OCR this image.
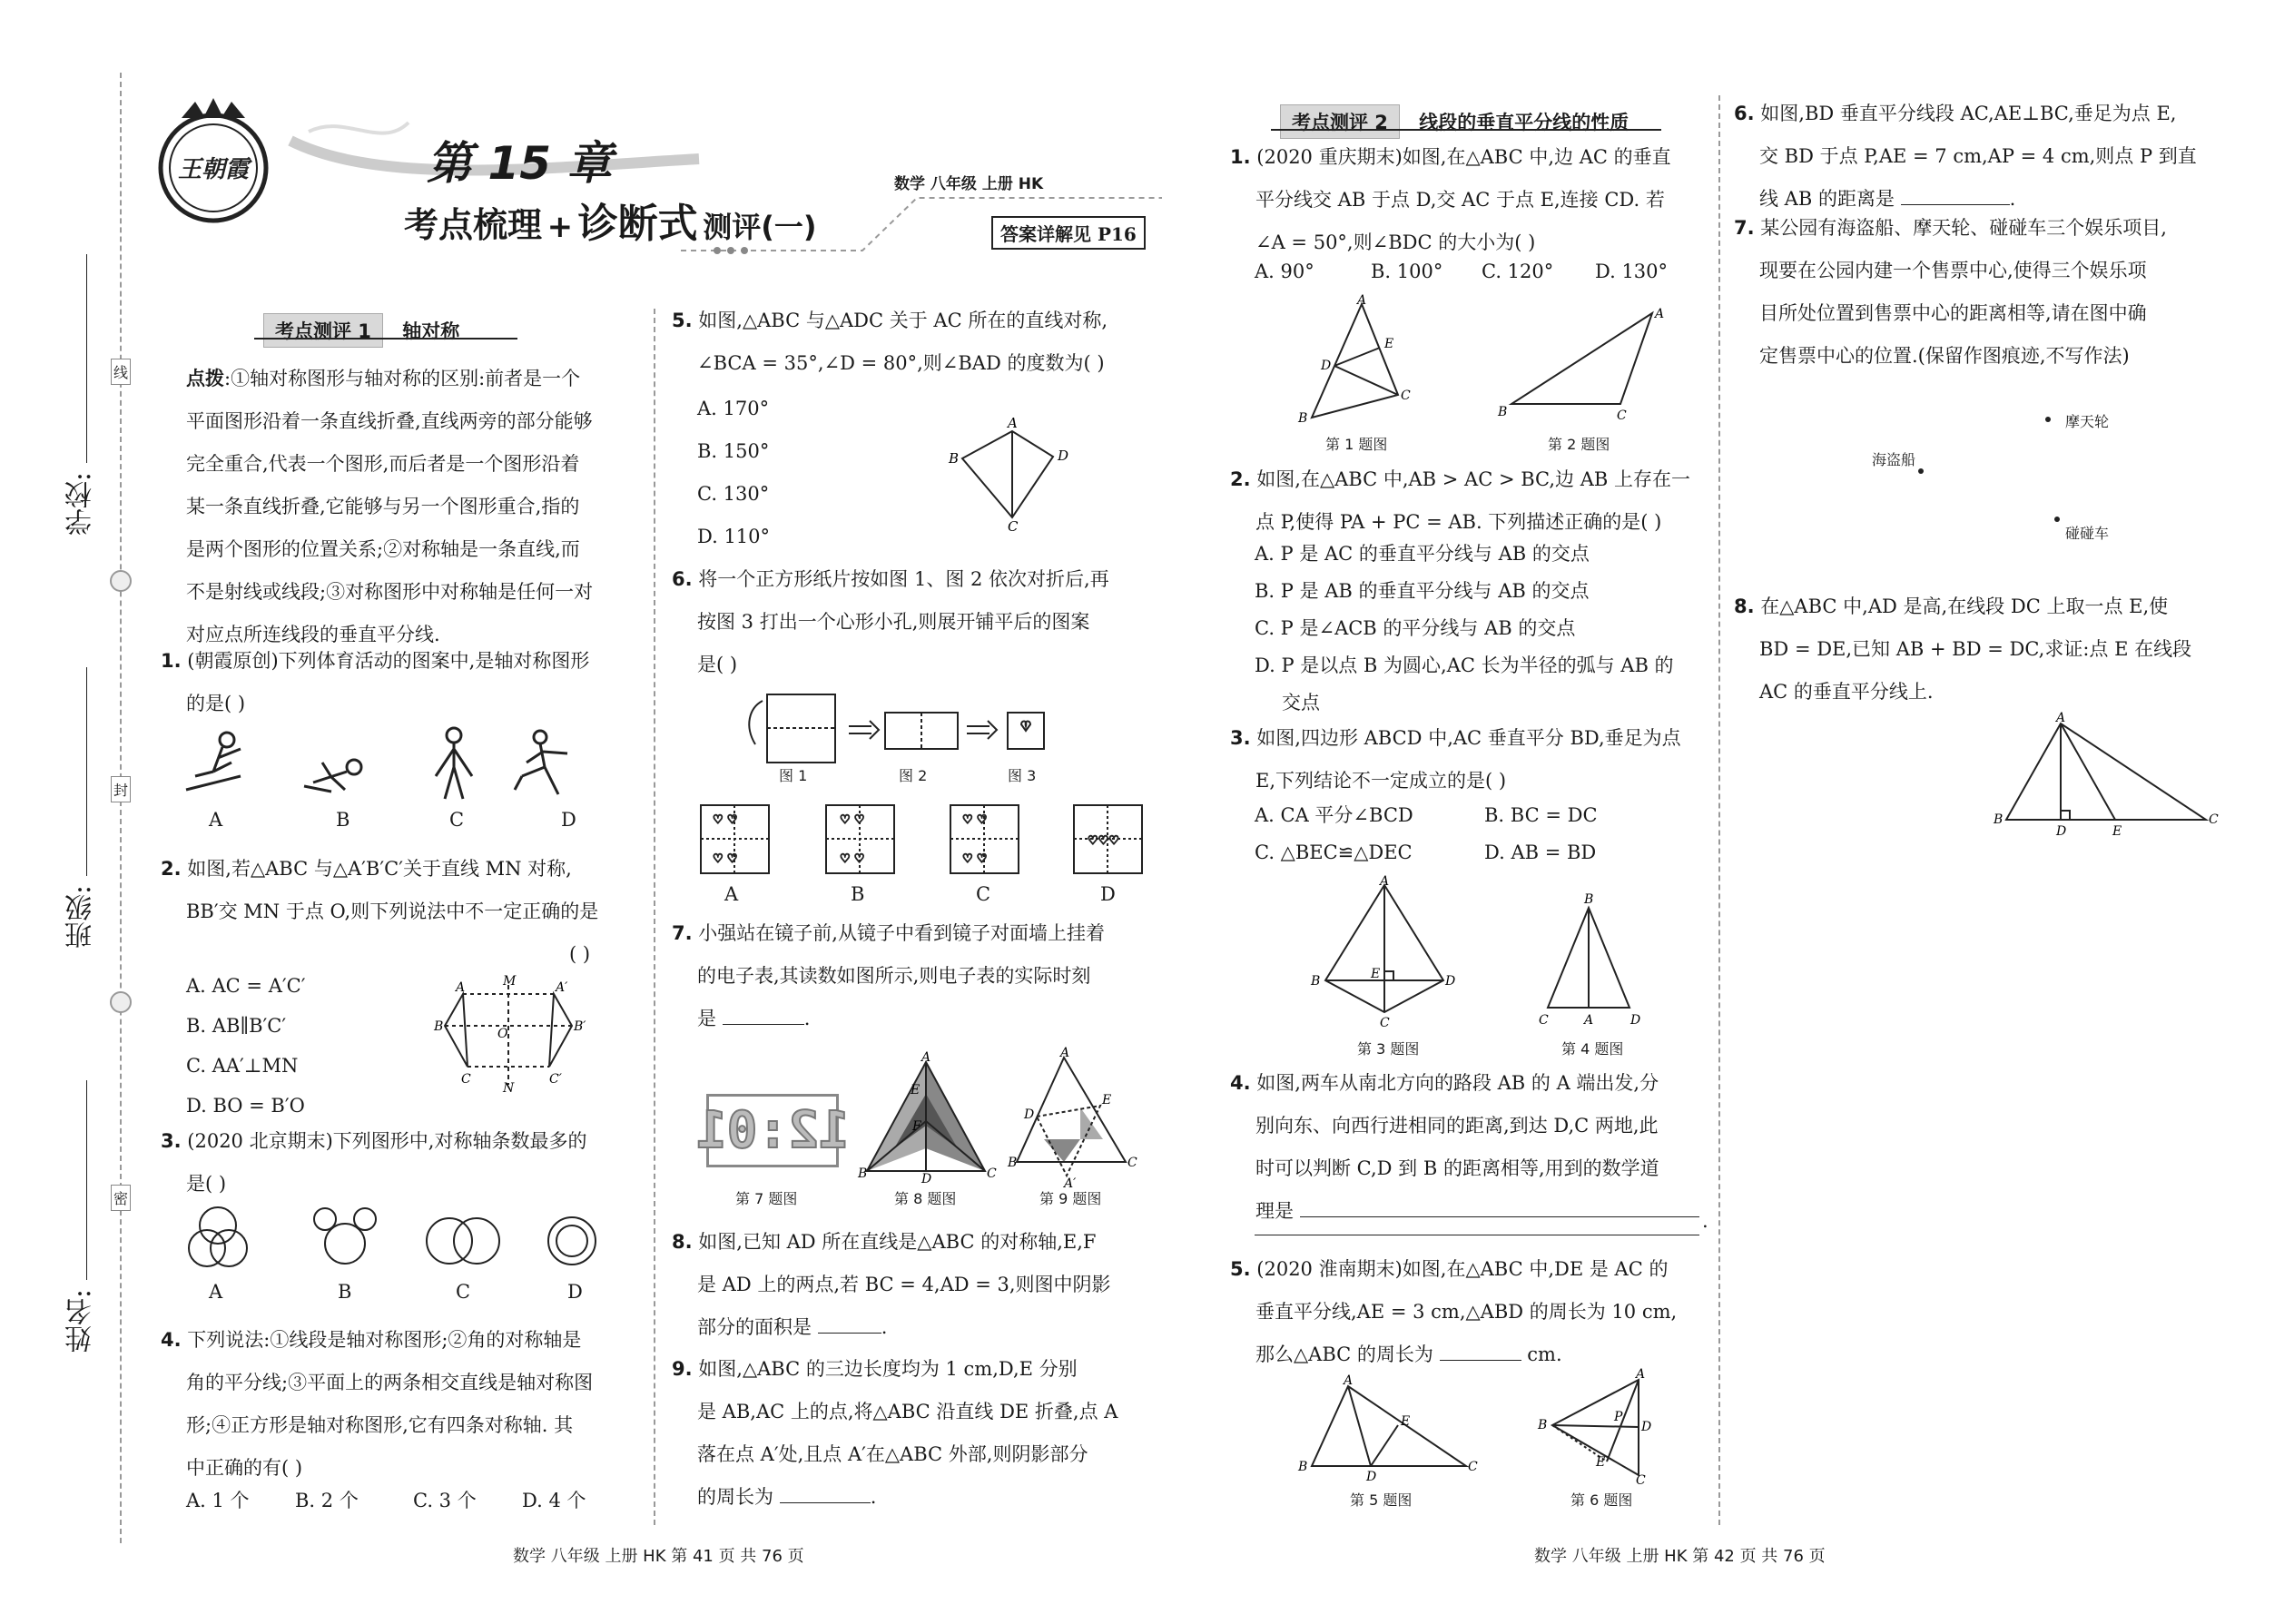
学校:
班级:
姓名:
线
封
密
王朝霞	第 15 章
考点梳理 + 诊断式 测评(一)
数学 八年级 上册 HK
答案详解见 P16
考点测评 1 轴对称
点拨:①轴对称图形与轴对称的区别:前者是一个
平面图形沿着一条直线折叠,直线两旁的部分能够
完全重合,代表一个图形,而后者是一个图形沿着
某一条直线折叠,它能够与另一个图形重合,指的
是两个图形的位置关系;②对称轴是一条直线,而
不是射线或线段;③对称图形中对称轴是任何一对
对应点所连线段的垂直平分线.
1. (朝霞原创)下列体育活动的图案中,是轴对称图形
的是( )
A	B	C	D
2. 如图,若△ABC 与△A′B′C′关于直线 MN 对称,
BB′交 MN 于点 O,则下列说法中不一定正确的是
( )
A. AC = A′C′
B. AB∥B′C′
C. AA′⊥MN
D. BO = B′O
A
B
C
M
N
O
A′
B′
C′
3. (2020 北京期末)下列图形中,对称轴条数最多的
是( )
A	B	C	D
4. 下列说法:①线段是轴对称图形;②角的对称轴是
角的平分线;③平面上的两条相交直线是轴对称图
形;④正方形是轴对称图形,它有四条对称轴. 其
中正确的有( )
A. 1 个 B. 2 个	C. 3 个 D. 4 个
5. 如图,△ABC 与△ADC 关于 AC 所在的直线对称,
∠BCA = 35°,∠D = 80°,则∠BAD 的度数为( )
A. 170°
B. 150°
C. 130°
D. 110°
A
B	D
C
6. 将一个正方形纸片按如图 1、图 2 依次对折后,再
按图 3 打出一个心形小孔,则展开铺平后的图案
是( )
图 1	图 2	图 3
♡ ♡
♡ ♡
♡ ♡
♡ ♡
♡ ♡
♡ ♡
♡♡♡
A	B	C	D
7. 小强站在镜子前,从镜子中看到镜子对面墙上挂着
的电子表,其读数如图所示,则电子表的实际时刻
是	.
12:01
A
B	D	C
E
F
A
B	C
D
E
A′
第 7 题图	第 8 题图	第 9 题图
8. 如图,已知 AD 所在直线是△ABC 的对称轴,E,F
是 AD 上的两点,若 BC = 4,AD = 3,则图中阴影
部分的面积是	.
9. 如图,△ABC 的三边长度均为 1 cm,D,E 分别
是 AB,AC 上的点,将△ABC 沿直线 DE 折叠,点 A
落在点 A′处,且点 A′在△ABC 外部,则阴影部分
的周长为	.
数学 八年级 上册 HK 第 41 页 共 76 页
考点测评 2 线段的垂直平分线的性质
1. (2020 重庆期末)如图,在△ABC 中,边 AC 的垂直
平分线交 AB 于点 D,交 AC 于点 E,连接 CD. 若
∠A = 50°,则∠BDC 的大小为( )
A. 90°	B. 100° C. 120° D. 130°
A
B
C
D
E
A
B	C
第 1 题图	第 2 题图
2. 如图,在△ABC 中,AB > AC > BC,边 AB 上存在一
点 P,使得 PA + PC = AB. 下列描述正确的是( )
A. P 是 AC 的垂直平分线与 AB 的交点
B. P 是 AB 的垂直平分线与 AB 的交点
C. P 是∠ACB 的平分线与 AB 的交点
D. P 是以点 B 为圆心,AC 长为半径的弧与 AB 的
交点
3. 如图,四边形 ABCD 中,AC 垂直平分 BD,垂足为点
E,下列结论不一定成立的是( )
A. CA 平分∠BCD	B. BC = DC
C. △BEC≌△DEC	D. AB = BD
A
B	D
C
E
B
C	A	D
第 3 题图	第 4 题图
4. 如图,两车从南北方向的路段 AB 的 A 端出发,分
别向东、向西行进相同的距离,到达 D,C 两地,此
时可以判断 C,D 到 B 的距离相等,用到的数学道
理是	.
5. (2020 淮南期末)如图,在△ABC 中,DE 是 AC 的
垂直平分线,AE = 3 cm,△ABD 的周长为 10 cm,
那么△ABC 的周长为	cm.
A
B	C
D
E
A
B
C
D
P
E
第 5 题图	第 6 题图
6. 如图,BD 垂直平分线段 AC,AE⊥BC,垂足为点 E,
交 BD 于点 P,AE = 7 cm,AP = 4 cm,则点 P 到直
线 AB 的距离是	.
7. 某公园有海盗船、摩天轮、碰碰车三个娱乐项目,
现要在公园内建一个售票中心,使得三个娱乐项
目所处位置到售票中心的距离相等,请在图中确
定售票中心的位置.(保留作图痕迹,不写作法)
摩天轮
海盗船
碰碰车
8. 在△ABC 中,AD 是高,在线段 DC 上取一点 E,使
BD = DE,已知 AB + BD = DC,求证:点 E 在线段
AC 的垂直平分线上.
A
B	C
D	E
数学 八年级 上册 HK 第 42 页 共 76 页
